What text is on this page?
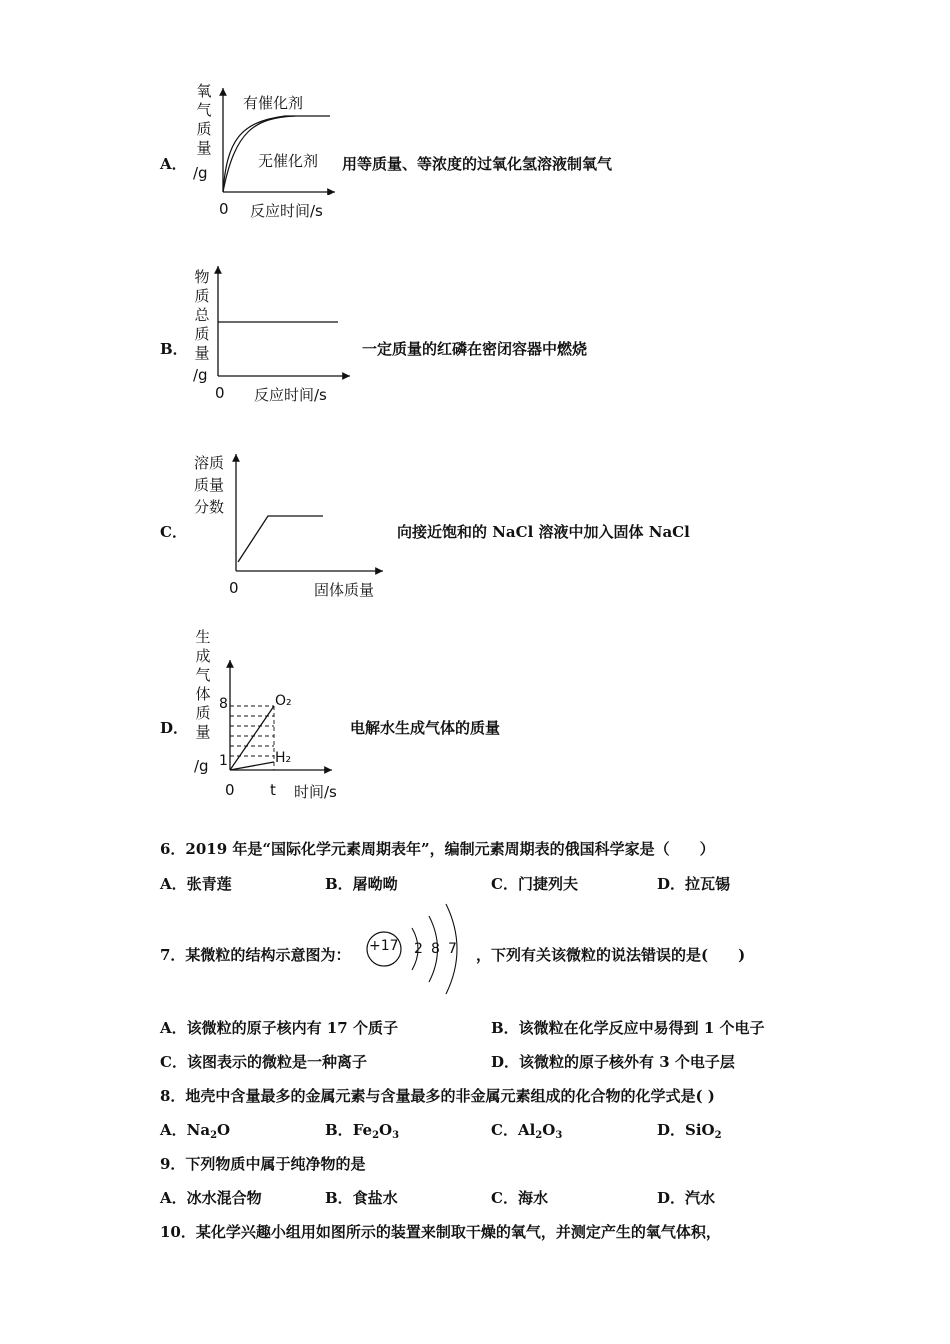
A．
氧气质量
/g
有催化剂
无催化剂
0 反应时间/s
用等质量、等浓度的过氧化氢溶液制氧气
B．
物质总质量
/g
0 反应时间/s
一定质量的红磷在密闭容器中燃烧
C．
溶质
质量
分数
0	固体质量
向接近饱和的 NaCl 溶液中加入固体 NaCl
D．
生成气体质量
/g
8
1
O₂
H₂
0 t 时间/s
电解水生成气体的质量
6．2019 年是“国际化学元素周期表年”，编制元素周期表的俄国科学家是（　　）
A．张青莲	B．屠呦呦	C．门捷列夫	D．拉瓦锡
7．某微粒的结构示意图为： +17 2 8 7 ，下列有关该微粒的说法错误的是(　　)
A．该微粒的原子核内有 17 个质子	B．该微粒在化学反应中易得到 1 个电子
C．该图表示的微粒是一种离子	D．该微粒的原子核外有 3 个电子层
8．地壳中含量最多的金属元素与含量最多的非金属元素组成的化合物的化学式是( )
A．$Na_2O$	B．$Fe_2O_3$	C．$Al_2O_3$	D．SiO$_2$
9．下列物质中属于纯净物的是
A．冰水混合物	B．食盐水	C．海水	D．汽水
10．某化学兴趣小组用如图所示的装置来制取干燥的氧气，并测定产生的氧气体积，
